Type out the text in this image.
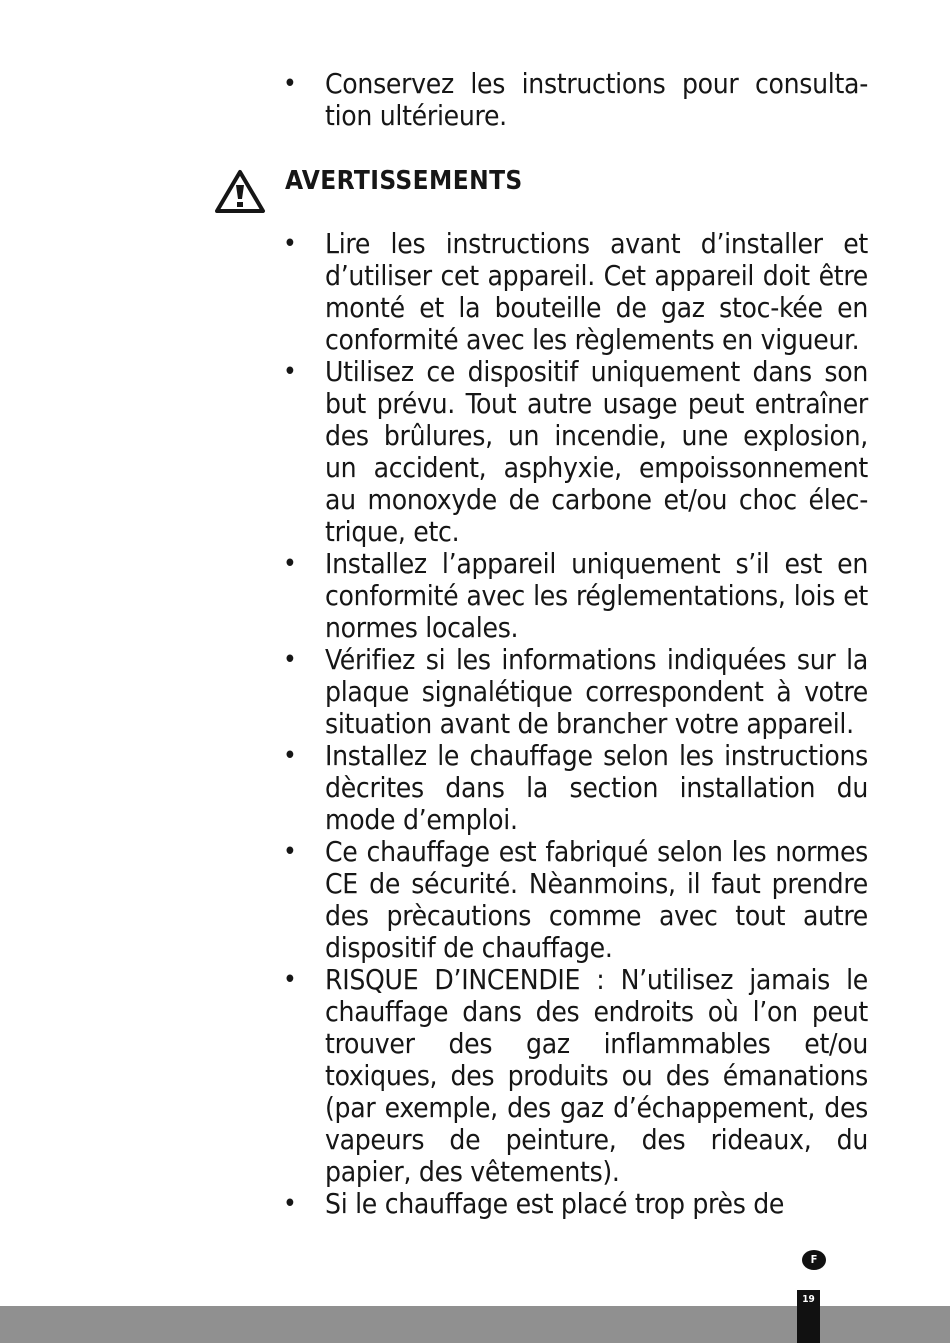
• Conservez les instructions pour consulta-tion ultérieure.
AVERTISSEMENTS
• Lire les instructions avant d’installer et d’utiliser cet appareil. Cet appareil doit être monté et la bouteille de gaz stoc-kée en conformité avec les règlements en vigueur.
• Utilisez ce dispositif uniquement dans son but prévu. Tout autre usage peut entraîner des brûlures, un incendie, une explosion, un accident, asphyxie, empoissonnement au monoxyde de carbone et/ou choc élec-trique, etc.
• Installez l’appareil uniquement s’il est en conformité avec les réglementations, lois et normes locales.
• Vérifiez si les informations indiquées sur la plaque signalétique correspondent à votre situation avant de brancher votre appareil.
• Installez le chauffage selon les instructions dècrites dans la section installation du mode d’emploi.
• Ce chauffage est fabriqué selon les normes CE de sécurité. Nèanmoins, il faut prendre des prècautions comme avec tout autre dispositif de chauffage.
• RISQUE D’INCENDIE : N’utilisez jamais le chauffage dans des endroits où l’on peut trouver des gaz inflammables et/ou toxiques, des produits ou des émanations (par exemple, des gaz d’échappement, des vapeurs de peinture, des rideaux, du papier, des vêtements).
• Si le chauffage est placé trop près de
F
19
